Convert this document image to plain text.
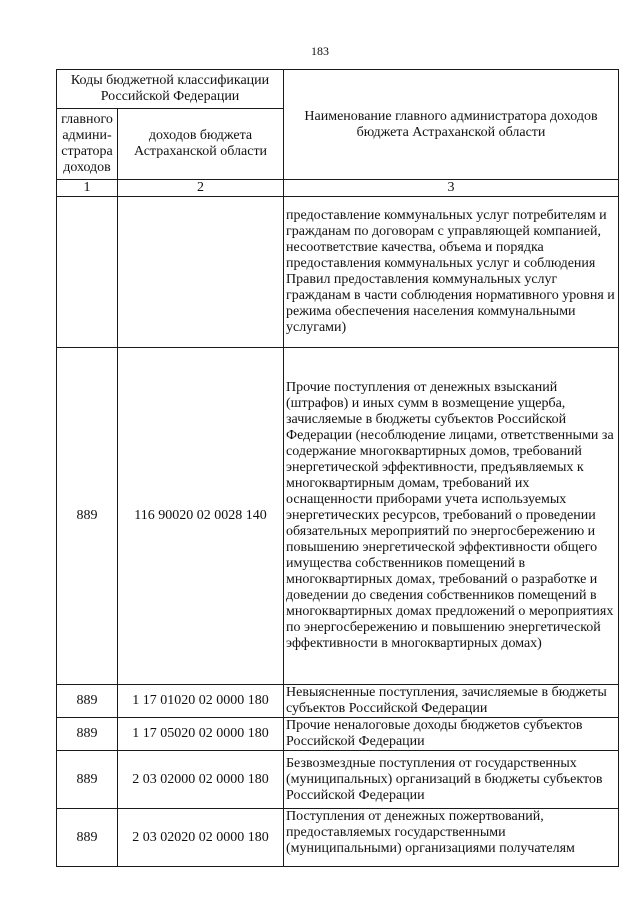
183
Коды бюджетной классификации Российской Федерации		Наименование главного администратора доходов бюджета Астраханской области
главного админи-стратора доходов	доходов бюджета Астраханской области	
1	2	3
		предоставление коммунальных услуг потребителям и гражданам по договорам с управляющей компанией, несоответствие качества, объема и порядка предоставления коммунальных услуг и соблюдения Правил предоставления коммунальных услуг гражданам в части соблюдения нормативного уровня и режима обеспечения населения коммунальными услугами)
889	116 90020 02 0028 140	Прочие поступления от денежных взысканий (штрафов) и иных сумм в возмещение ущерба, зачисляемые в бюджеты субъектов Российской Федерации (несоблюдение лицами, ответственными за содержание многоквартирных домов, требований энергетической эффективности, предъявляемых к многоквартирным домам, требований их оснащенности приборами учета используемых энергетических ресурсов, требований о проведении обязательных мероприятий по энергосбережению и повышению энергетической эффективности общего имущества собственников помещений в многоквартирных домах, требований о разработке и доведении до сведения собственников помещений в многоквартирных домах предложений о мероприятиях по энергосбережению и повышению энергетической эффективности в многоквартирных домах)
889	1 17 01020 02 0000 180	Невыясненные поступления, зачисляемые в бюджеты субъектов Российской Федерации
889	1 17 05020 02 0000 180	Прочие неналоговые доходы бюджетов субъектов Российской Федерации
889	2 03 02000 02 0000 180	Безвозмездные поступления от государственных (муниципальных) организаций в бюджеты субъектов Российской Федерации
889	2 03 02020 02 0000 180	Поступления от денежных пожертвований, предоставляемых государственными (муниципальными) организациями получателям
